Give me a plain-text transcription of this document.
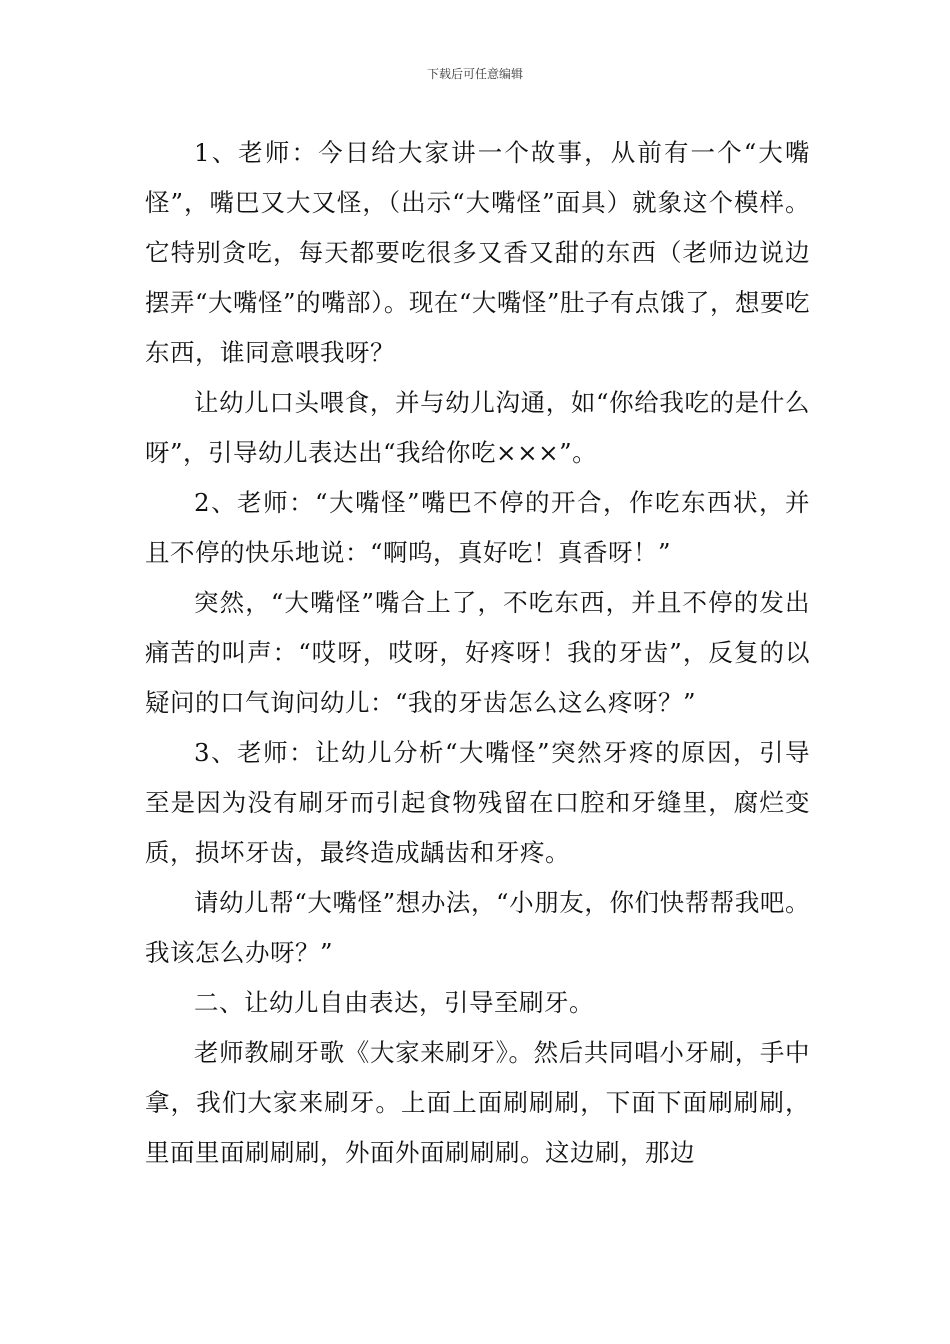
下载后可任意编辑

1、老师：今日给大家讲一个故事，从前有一个“大嘴怪”，嘴巴又大又怪，（出示“大嘴怪”面具）就象这个模样。它特别贪吃，每天都要吃很多又香又甜的东西（老师边说边摆弄“大嘴怪”的嘴部）。现在“大嘴怪”肚子有点饿了，想要吃东西，谁同意喂我呀？

让幼儿口头喂食，并与幼儿沟通，如“你给我吃的是什么呀”，引导幼儿表达出“我给你吃×××”。

2、老师：“大嘴怪”嘴巴不停的开合，作吃东西状，并且不停的快乐地说：“啊呜，真好吃！真香呀！”

突然，“大嘴怪”嘴合上了，不吃东西，并且不停的发出痛苦的叫声：“哎呀，哎呀，好疼呀！我的牙齿”，反复的以疑问的口气询问幼儿：“我的牙齿怎么这么疼呀？”

3、老师：让幼儿分析“大嘴怪”突然牙疼的原因，引导至是因为没有刷牙而引起食物残留在口腔和牙缝里，腐烂变质，损坏牙齿，最终造成龋齿和牙疼。

请幼儿帮“大嘴怪”想办法，“小朋友，你们快帮帮我吧。我该怎么办呀？”

二、让幼儿自由表达，引导至刷牙。

老师教刷牙歌《大家来刷牙》。然后共同唱小牙刷，手中拿，我们大家来刷牙。上面上面刷刷刷，下面下面刷刷刷，里面里面刷刷刷，外面外面刷刷刷。这边刷，那边
